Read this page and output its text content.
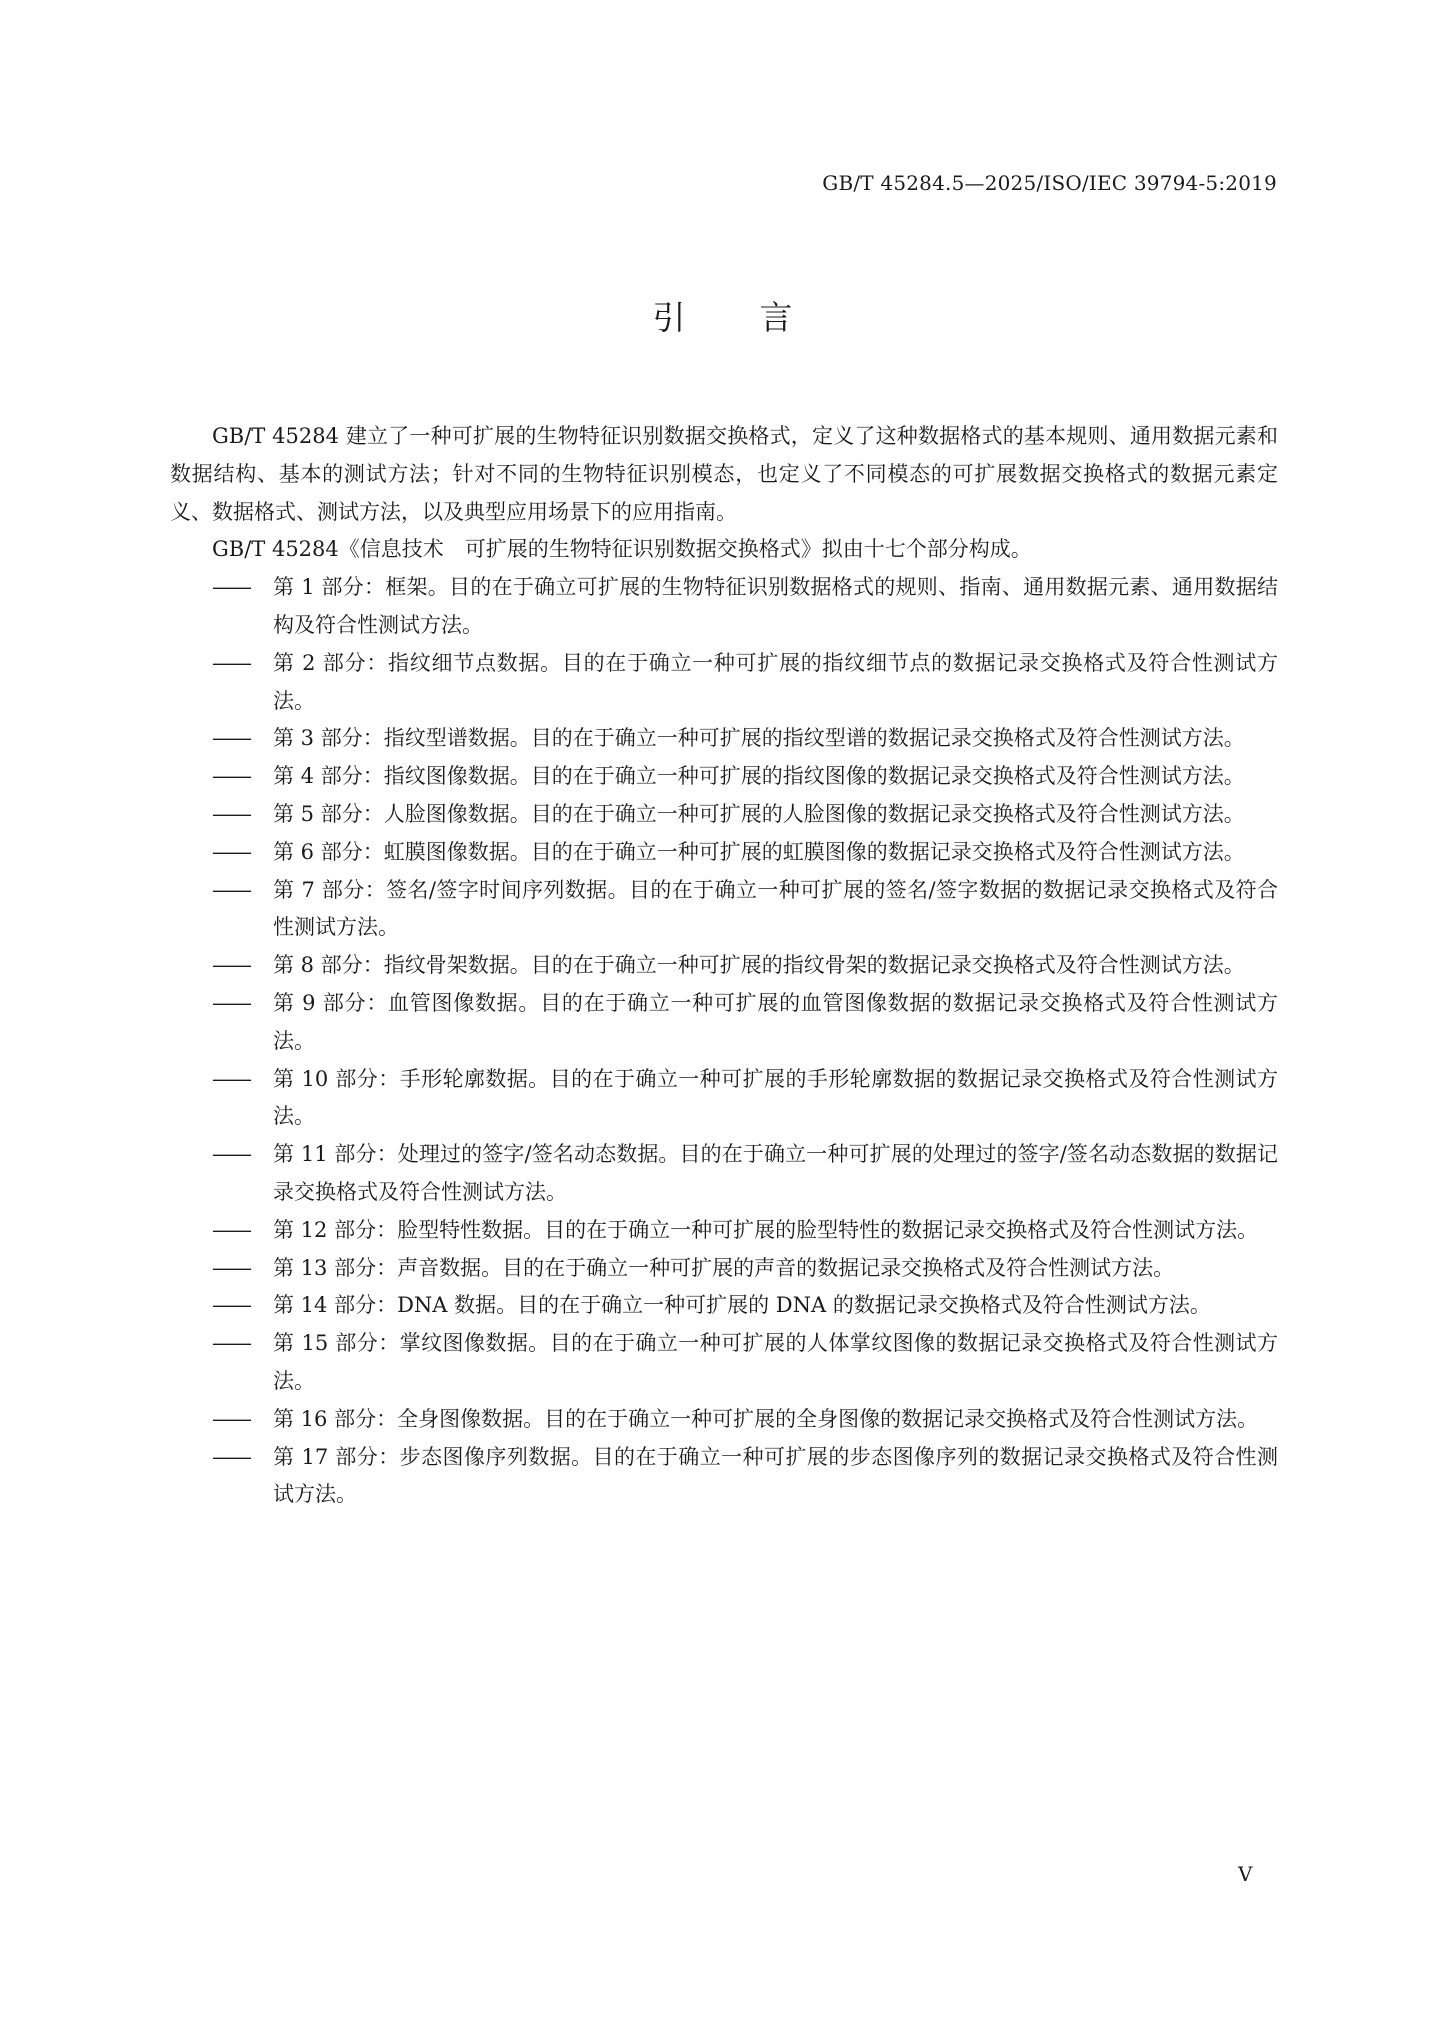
GB/T 45284.5—2025/ISO/IEC 39794-5:2019
引言

GB/T 45284 建立了一种可扩展的生物特征识别数据交换格式，定义了这种数据格式的基本规则、通用数据元素和数据结构、基本的测试方法；针对不同的生物特征识别模态，也定义了不同模态的可扩展数据交换格式的数据元素定义、数据格式、测试方法，以及典型应用场景下的应用指南。

GB/T 45284《信息技术　可扩展的生物特征识别数据交换格式》拟由十七个部分构成。

——	第 1 部分：框架。目的在于确立可扩展的生物特征识别数据格式的规则、指南、通用数据元素、通用数据结构及符合性测试方法。

——	第 2 部分：指纹细节点数据。目的在于确立一种可扩展的指纹细节点的数据记录交换格式及符合性测试方法。

——	第 3 部分：指纹型谱数据。目的在于确立一种可扩展的指纹型谱的数据记录交换格式及符合性测试方法。

——	第 4 部分：指纹图像数据。目的在于确立一种可扩展的指纹图像的数据记录交换格式及符合性测试方法。

——	第 5 部分：人脸图像数据。目的在于确立一种可扩展的人脸图像的数据记录交换格式及符合性测试方法。

——	第 6 部分：虹膜图像数据。目的在于确立一种可扩展的虹膜图像的数据记录交换格式及符合性测试方法。

——	第 7 部分：签名/签字时间序列数据。目的在于确立一种可扩展的签名/签字数据的数据记录交换格式及符合性测试方法。

——	第 8 部分：指纹骨架数据。目的在于确立一种可扩展的指纹骨架的数据记录交换格式及符合性测试方法。

——	第 9 部分：血管图像数据。目的在于确立一种可扩展的血管图像数据的数据记录交换格式及符合性测试方法。

——	第 10 部分：手形轮廓数据。目的在于确立一种可扩展的手形轮廓数据的数据记录交换格式及符合性测试方法。

——	第 11 部分：处理过的签字/签名动态数据。目的在于确立一种可扩展的处理过的签字/签名动态数据的数据记录交换格式及符合性测试方法。

——	第 12 部分：脸型特性数据。目的在于确立一种可扩展的脸型特性的数据记录交换格式及符合性测试方法。

——	第 13 部分：声音数据。目的在于确立一种可扩展的声音的数据记录交换格式及符合性测试方法。

——	第 14 部分：DNA 数据。目的在于确立一种可扩展的 DNA 的数据记录交换格式及符合性测试方法。

——	第 15 部分：掌纹图像数据。目的在于确立一种可扩展的人体掌纹图像的数据记录交换格式及符合性测试方法。

——	第 16 部分：全身图像数据。目的在于确立一种可扩展的全身图像的数据记录交换格式及符合性测试方法。

——	第 17 部分：步态图像序列数据。目的在于确立一种可扩展的步态图像序列的数据记录交换格式及符合性测试方法。

V
